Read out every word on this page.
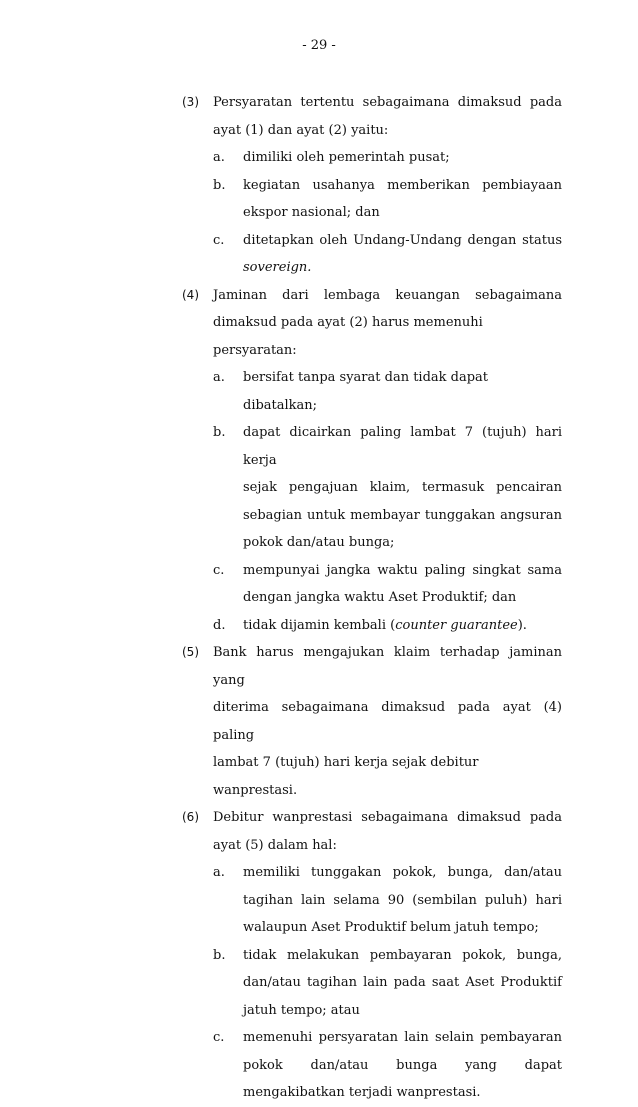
- 29 -
(3) Persyaratan tertentu sebagaimana dimaksud pada
ayat (1) dan ayat (2) yaitu:
a. dimiliki oleh pemerintah pusat;
b. kegiatan usahanya memberikan pembiayaan
ekspor nasional; dan
c. ditetapkan oleh Undang-Undang dengan status
sovereign.
(4) Jaminan dari lembaga keuangan sebagaimana
dimaksud pada ayat (2) harus memenuhi persyaratan:
a. bersifat tanpa syarat dan tidak dapat dibatalkan;
b. dapat dicairkan paling lambat 7 (tujuh) hari kerja
sejak pengajuan klaim, termasuk pencairan
sebagian untuk membayar tunggakan angsuran
pokok dan/atau bunga;
c. mempunyai jangka waktu paling singkat sama
dengan jangka waktu Aset Produktif; dan
d. tidak dijamin kembali (counter guarantee).
(5) Bank harus mengajukan klaim terhadap jaminan yang
diterima sebagaimana dimaksud pada ayat (4) paling
lambat 7 (tujuh) hari kerja sejak debitur wanprestasi.
(6) Debitur wanprestasi sebagaimana dimaksud pada
ayat (5) dalam hal:
a. memiliki tunggakan pokok, bunga, dan/atau
tagihan lain selama 90 (sembilan puluh) hari
walaupun Aset Produktif belum jatuh tempo;
b. tidak melakukan pembayaran pokok, bunga,
dan/atau tagihan lain pada saat Aset Produktif
jatuh tempo; atau
c. memenuhi persyaratan lain selain pembayaran
pokok dan/atau bunga yang dapat
mengakibatkan terjadi wanprestasi.
